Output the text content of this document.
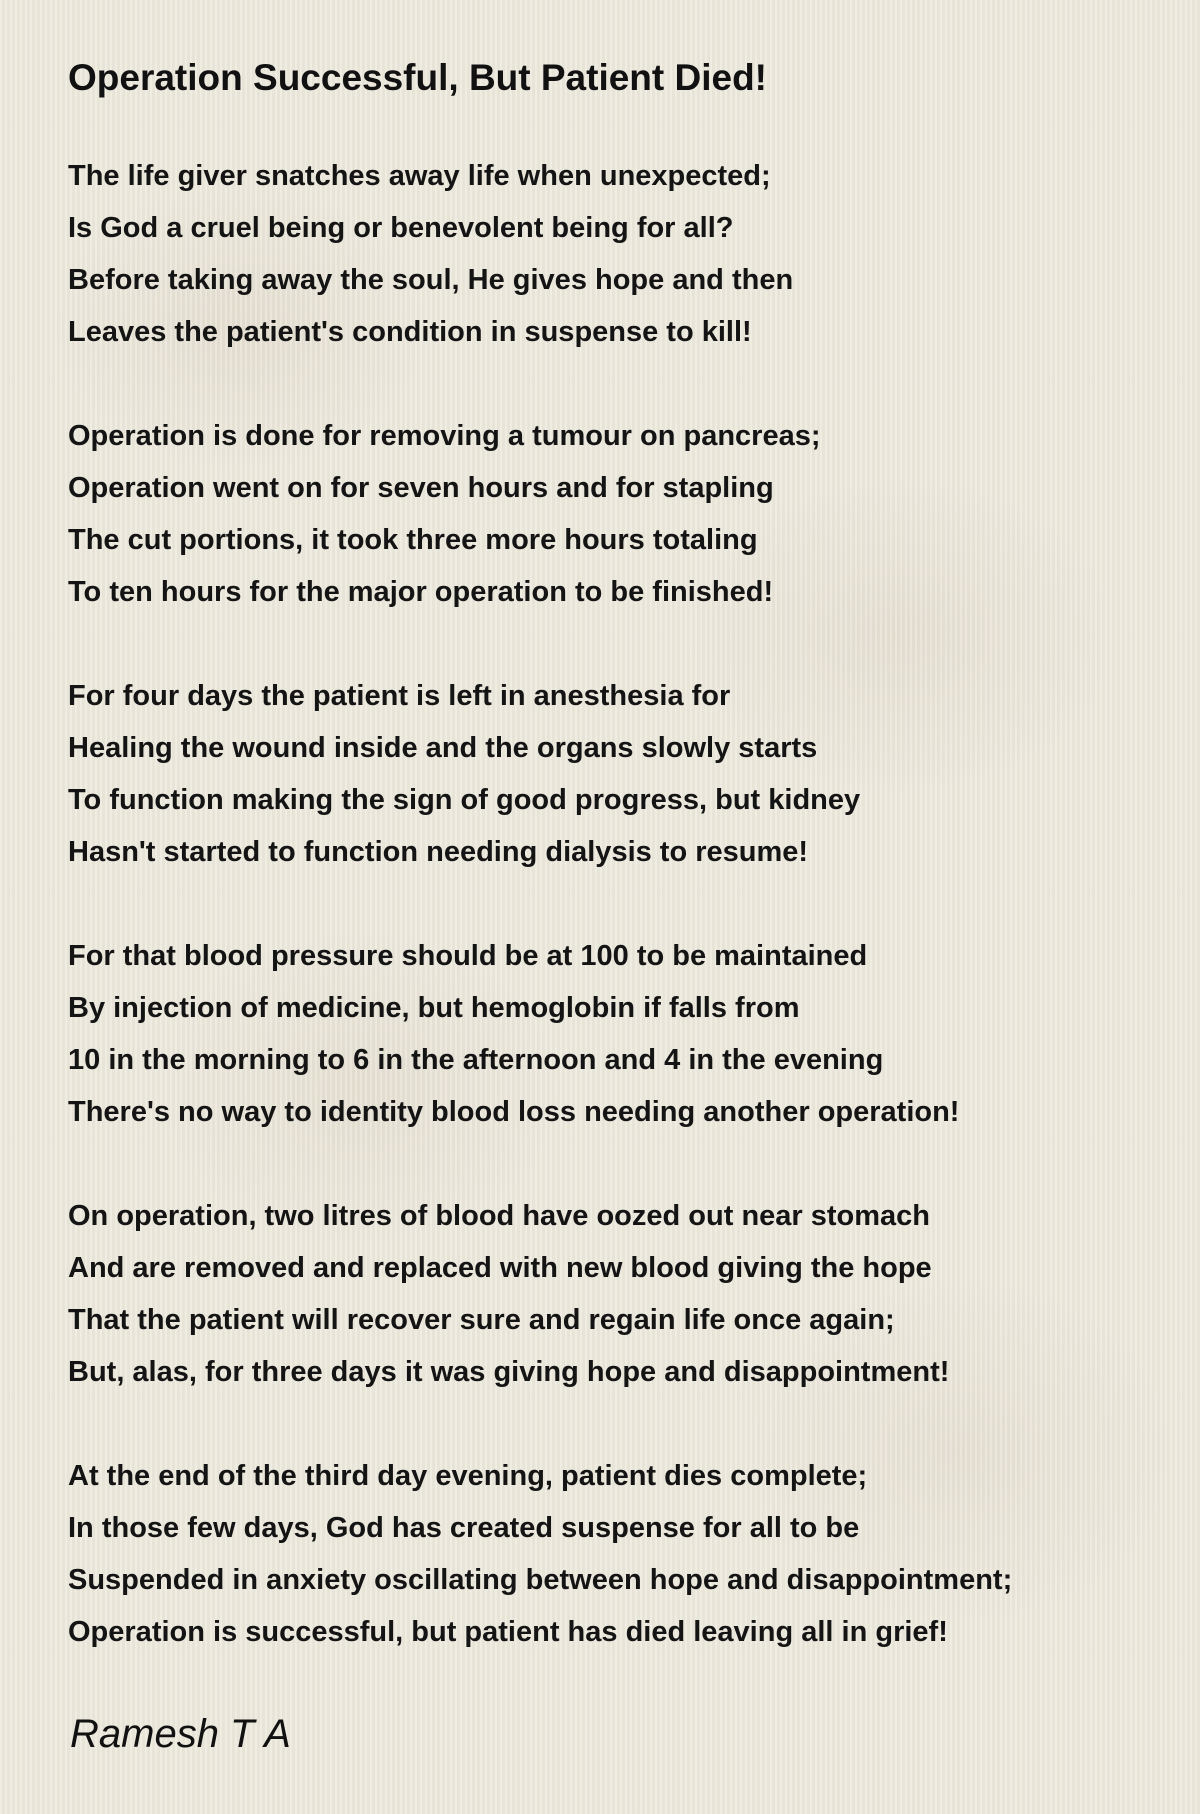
Operation Successful, But Patient Died!
The life giver snatches away life when unexpected;
Is God a cruel being or benevolent being for all?
Before taking away the soul, He gives hope and then
Leaves the patient's condition in suspense to kill!
Operation is done for removing a tumour on pancreas;
Operation went on for seven hours and for stapling
The cut portions, it took three more hours totaling
To ten hours for the major operation to be finished!
For four days the patient is left in anesthesia for
Healing the wound inside and the organs slowly starts
To function making the sign of good progress, but kidney
Hasn't started to function needing dialysis to resume!
For that blood pressure should be at 100 to be maintained
By injection of medicine, but hemoglobin if falls from
10 in the morning to 6 in the afternoon and 4 in the evening
There's no way to identity blood loss needing another operation!
On operation, two litres of blood have oozed out near stomach
And are removed and replaced with new blood giving the hope
That the patient will recover sure and regain life once again;
But, alas, for three days it was giving hope and disappointment!
At the end of the third day evening, patient dies complete;
In those few days, God has created suspense for all to be
Suspended in anxiety oscillating between hope and disappointment;
Operation is successful, but patient has died leaving all in grief!
Ramesh T A
